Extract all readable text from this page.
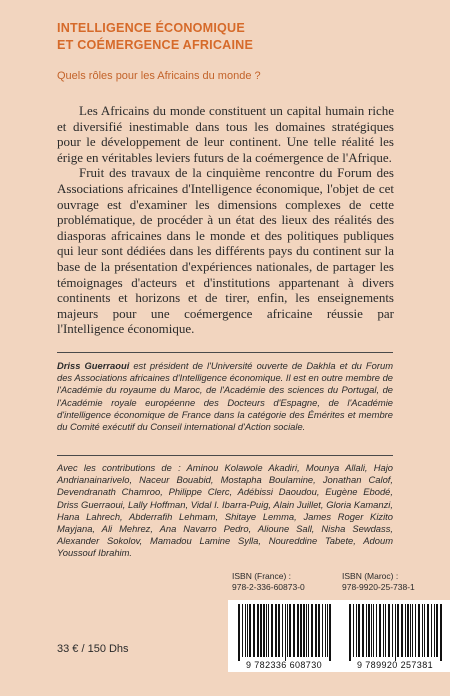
INTELLIGENCE ÉCONOMIQUE
ET COÉMERGENCE AFRICAINE
Quels rôles pour les Africains du monde ?

Les Africains du monde constituent un capital humain riche et diversifié inestimable dans tous les domaines stratégiques pour le développement de leur continent. Une telle réalité les érige en véritables leviers futurs de la coémergence de l'Afrique.

Fruit des travaux de la cinquième rencontre du Forum des Associations africaines d'Intelligence économique, l'objet de cet ouvrage est d'examiner les dimensions complexes de cette problématique, de procéder à un état des lieux des réalités des diasporas africaines dans le monde et des politiques publiques qui leur sont dédiées dans les différents pays du continent sur la base de la présentation d'expériences nationales, de partager les témoignages d'acteurs et d'institutions appartenant à divers continents et horizons et de tirer, enfin, les enseignements majeurs pour une coémergence africaine réussie par l'Intelligence économique.

Driss Guerraoui est président de l'Université ouverte de Dakhla et du Forum des Associations africaines d'Intelligence économique. Il est en outre membre de l'Académie du royaume du Maroc, de l'Académie des sciences du Portugal, de l'Académie royale européenne des Docteurs d'Espagne, de l'Académie d'intelligence économique de France dans la catégorie des Émérites et membre du Comité exécutif du Conseil international d'Action sociale.
Avec les contributions de : Aminou Kolawole Akadiri, Mounya Allali, Hajo Andrianainarivelo, Naceur Bouabid, Mostapha Boulamine, Jonathan Calof, Devendranath Chamroo, Philippe Clerc, Adébissi Daoudou, Eugène Ebodé, Driss Guerraoui, Lally Hoffman, Vidal I. Ibarra-Puig, Alain Juillet, Gloria Kamanzi, Hana Lahrech, Abderrafih Lehmam, Shitaye Lemma, James Roger Kizito Mayjana, Ali Mehrez, Ana Navarro Pedro, Alioune Sall, Nisha Sewdass, Alexander Sokolov, Mamadou Lamine Sylla, Noureddine Tabete, Adoum Youssouf Ibrahim.
ISBN (France) :
978-2-336-60873-0
ISBN (Maroc) :
978-9920-25-738-1
9 782336 608730	9 789920 257381
33 € / 150 Dhs
